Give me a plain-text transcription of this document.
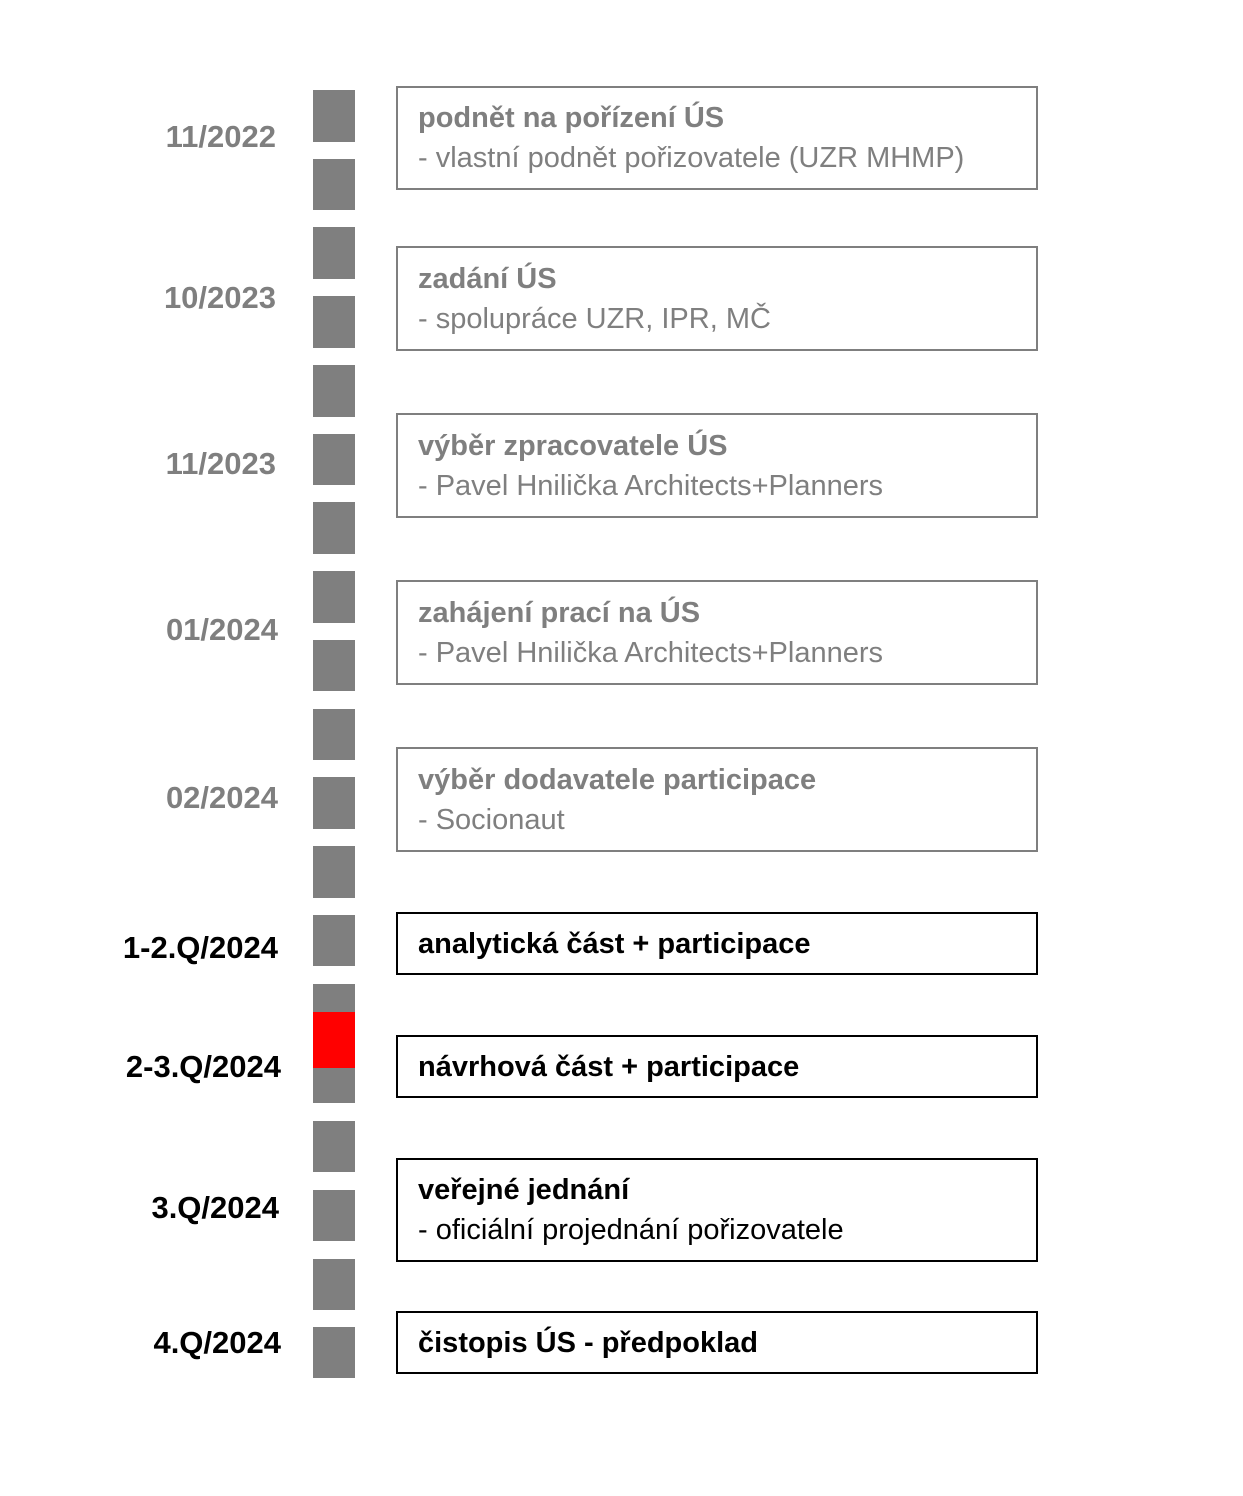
11/2022
10/2023
11/2023
01/2024
02/2024
1-2.Q/2024
2-3.Q/2024
3.Q/2024
4.Q/2024
podnět na pořízení ÚS
- vlastní podnět pořizovatele (UZR MHMP)
zadání ÚS
- spolupráce UZR, IPR, MČ
výběr zpracovatele ÚS
- Pavel Hnilička Architects+Planners
zahájení prací na ÚS
- Pavel Hnilička Architects+Planners
výběr dodavatele participace
- Socionaut
analytická část + participace
návrhová část + participace
veřejné jednání
- oficiální projednání pořizovatele
čistopis ÚS - předpoklad
